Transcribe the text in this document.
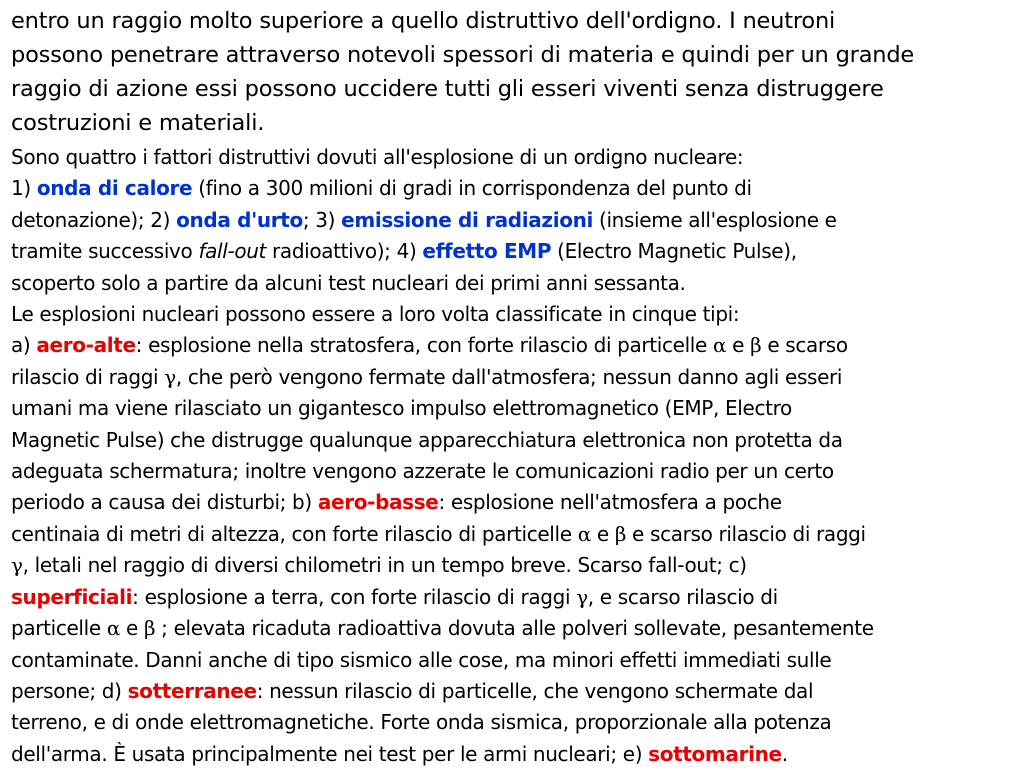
entro un raggio molto superiore a quello distruttivo dell'ordigno. I neutroni
possono penetrare attraverso notevoli spessori di materia e quindi per un grande
raggio di azione essi possono uccidere tutti gli esseri viventi senza distruggere
costruzioni e materiali.
Sono quattro i fattori distruttivi dovuti all'esplosione di un ordigno nucleare:
1) onda di calore (fino a 300 milioni di gradi in corrispondenza del punto di
detonazione); 2) onda d'urto; 3) emissione di radiazioni (insieme all'esplosione e
tramite successivo fall-out radioattivo); 4) effetto EMP (Electro Magnetic Pulse),
scoperto solo a partire da alcuni test nucleari dei primi anni sessanta.
Le esplosioni nucleari possono essere a loro volta classificate in cinque tipi:
a) aero-alte: esplosione nella stratosfera, con forte rilascio di particelle α e β e scarso
rilascio di raggi γ, che però vengono fermate dall'atmosfera; nessun danno agli esseri
umani ma viene rilasciato un gigantesco impulso elettromagnetico (EMP, Electro
Magnetic Pulse) che distrugge qualunque apparecchiatura elettronica non protetta da
adeguata schermatura; inoltre vengono azzerate le comunicazioni radio per un certo
periodo a causa dei disturbi; b) aero-basse: esplosione nell'atmosfera a poche
centinaia di metri di altezza, con forte rilascio di particelle α e β e scarso rilascio di raggi
γ, letali nel raggio di diversi chilometri in un tempo breve. Scarso fall-out; c)
superficiali: esplosione a terra, con forte rilascio di raggi γ, e scarso rilascio di
particelle α e β ; elevata ricaduta radioattiva dovuta alle polveri sollevate, pesantemente
contaminate. Danni anche di tipo sismico alle cose, ma minori effetti immediati sulle
persone; d) sotterranee: nessun rilascio di particelle, che vengono schermate dal
terreno, e di onde elettromagnetiche. Forte onda sismica, proporzionale alla potenza
dell'arma. È usata principalmente nei test per le armi nucleari; e) sottomarine.
